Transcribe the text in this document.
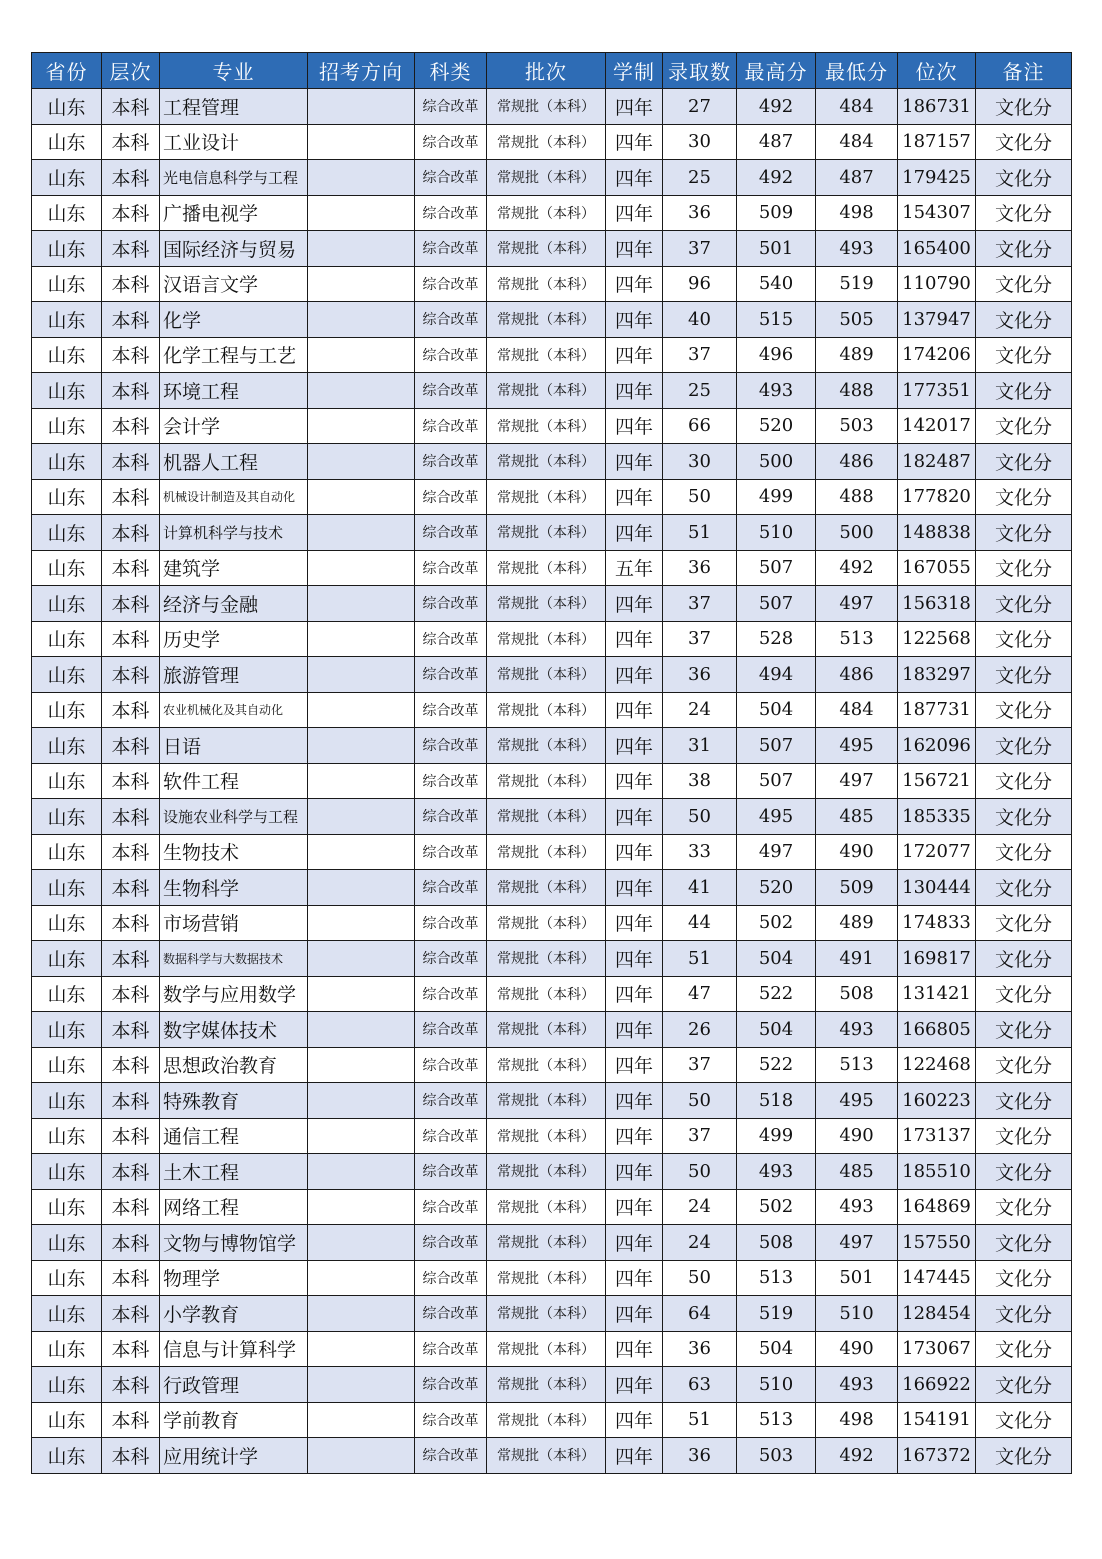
省份	层次	专业	招考方向	科类	批次	学制	录取数	最高分	最低分	位次	备注
山东	本科	工程管理		综合改革	常规批（本科）	四年	27	492	484	186731	文化分
山东	本科	工业设计		综合改革	常规批（本科）	四年	30	487	484	187157	文化分
山东	本科	光电信息科学与工程		综合改革	常规批（本科）	四年	25	492	487	179425	文化分
山东	本科	广播电视学		综合改革	常规批（本科）	四年	36	509	498	154307	文化分
山东	本科	国际经济与贸易		综合改革	常规批（本科）	四年	37	501	493	165400	文化分
山东	本科	汉语言文学		综合改革	常规批（本科）	四年	96	540	519	110790	文化分
山东	本科	化学		综合改革	常规批（本科）	四年	40	515	505	137947	文化分
山东	本科	化学工程与工艺		综合改革	常规批（本科）	四年	37	496	489	174206	文化分
山东	本科	环境工程		综合改革	常规批（本科）	四年	25	493	488	177351	文化分
山东	本科	会计学		综合改革	常规批（本科）	四年	66	520	503	142017	文化分
山东	本科	机器人工程		综合改革	常规批（本科）	四年	30	500	486	182487	文化分
山东	本科	机械设计制造及其自动化		综合改革	常规批（本科）	四年	50	499	488	177820	文化分
山东	本科	计算机科学与技术		综合改革	常规批（本科）	四年	51	510	500	148838	文化分
山东	本科	建筑学		综合改革	常规批（本科）	五年	36	507	492	167055	文化分
山东	本科	经济与金融		综合改革	常规批（本科）	四年	37	507	497	156318	文化分
山东	本科	历史学		综合改革	常规批（本科）	四年	37	528	513	122568	文化分
山东	本科	旅游管理		综合改革	常规批（本科）	四年	36	494	486	183297	文化分
山东	本科	农业机械化及其自动化		综合改革	常规批（本科）	四年	24	504	484	187731	文化分
山东	本科	日语		综合改革	常规批（本科）	四年	31	507	495	162096	文化分
山东	本科	软件工程		综合改革	常规批（本科）	四年	38	507	497	156721	文化分
山东	本科	设施农业科学与工程		综合改革	常规批（本科）	四年	50	495	485	185335	文化分
山东	本科	生物技术		综合改革	常规批（本科）	四年	33	497	490	172077	文化分
山东	本科	生物科学		综合改革	常规批（本科）	四年	41	520	509	130444	文化分
山东	本科	市场营销		综合改革	常规批（本科）	四年	44	502	489	174833	文化分
山东	本科	数据科学与大数据技术		综合改革	常规批（本科）	四年	51	504	491	169817	文化分
山东	本科	数学与应用数学		综合改革	常规批（本科）	四年	47	522	508	131421	文化分
山东	本科	数字媒体技术		综合改革	常规批（本科）	四年	26	504	493	166805	文化分
山东	本科	思想政治教育		综合改革	常规批（本科）	四年	37	522	513	122468	文化分
山东	本科	特殊教育		综合改革	常规批（本科）	四年	50	518	495	160223	文化分
山东	本科	通信工程		综合改革	常规批（本科）	四年	37	499	490	173137	文化分
山东	本科	土木工程		综合改革	常规批（本科）	四年	50	493	485	185510	文化分
山东	本科	网络工程		综合改革	常规批（本科）	四年	24	502	493	164869	文化分
山东	本科	文物与博物馆学		综合改革	常规批（本科）	四年	24	508	497	157550	文化分
山东	本科	物理学		综合改革	常规批（本科）	四年	50	513	501	147445	文化分
山东	本科	小学教育		综合改革	常规批（本科）	四年	64	519	510	128454	文化分
山东	本科	信息与计算科学		综合改革	常规批（本科）	四年	36	504	490	173067	文化分
山东	本科	行政管理		综合改革	常规批（本科）	四年	63	510	493	166922	文化分
山东	本科	学前教育		综合改革	常规批（本科）	四年	51	513	498	154191	文化分
山东	本科	应用统计学		综合改革	常规批（本科）	四年	36	503	492	167372	文化分
